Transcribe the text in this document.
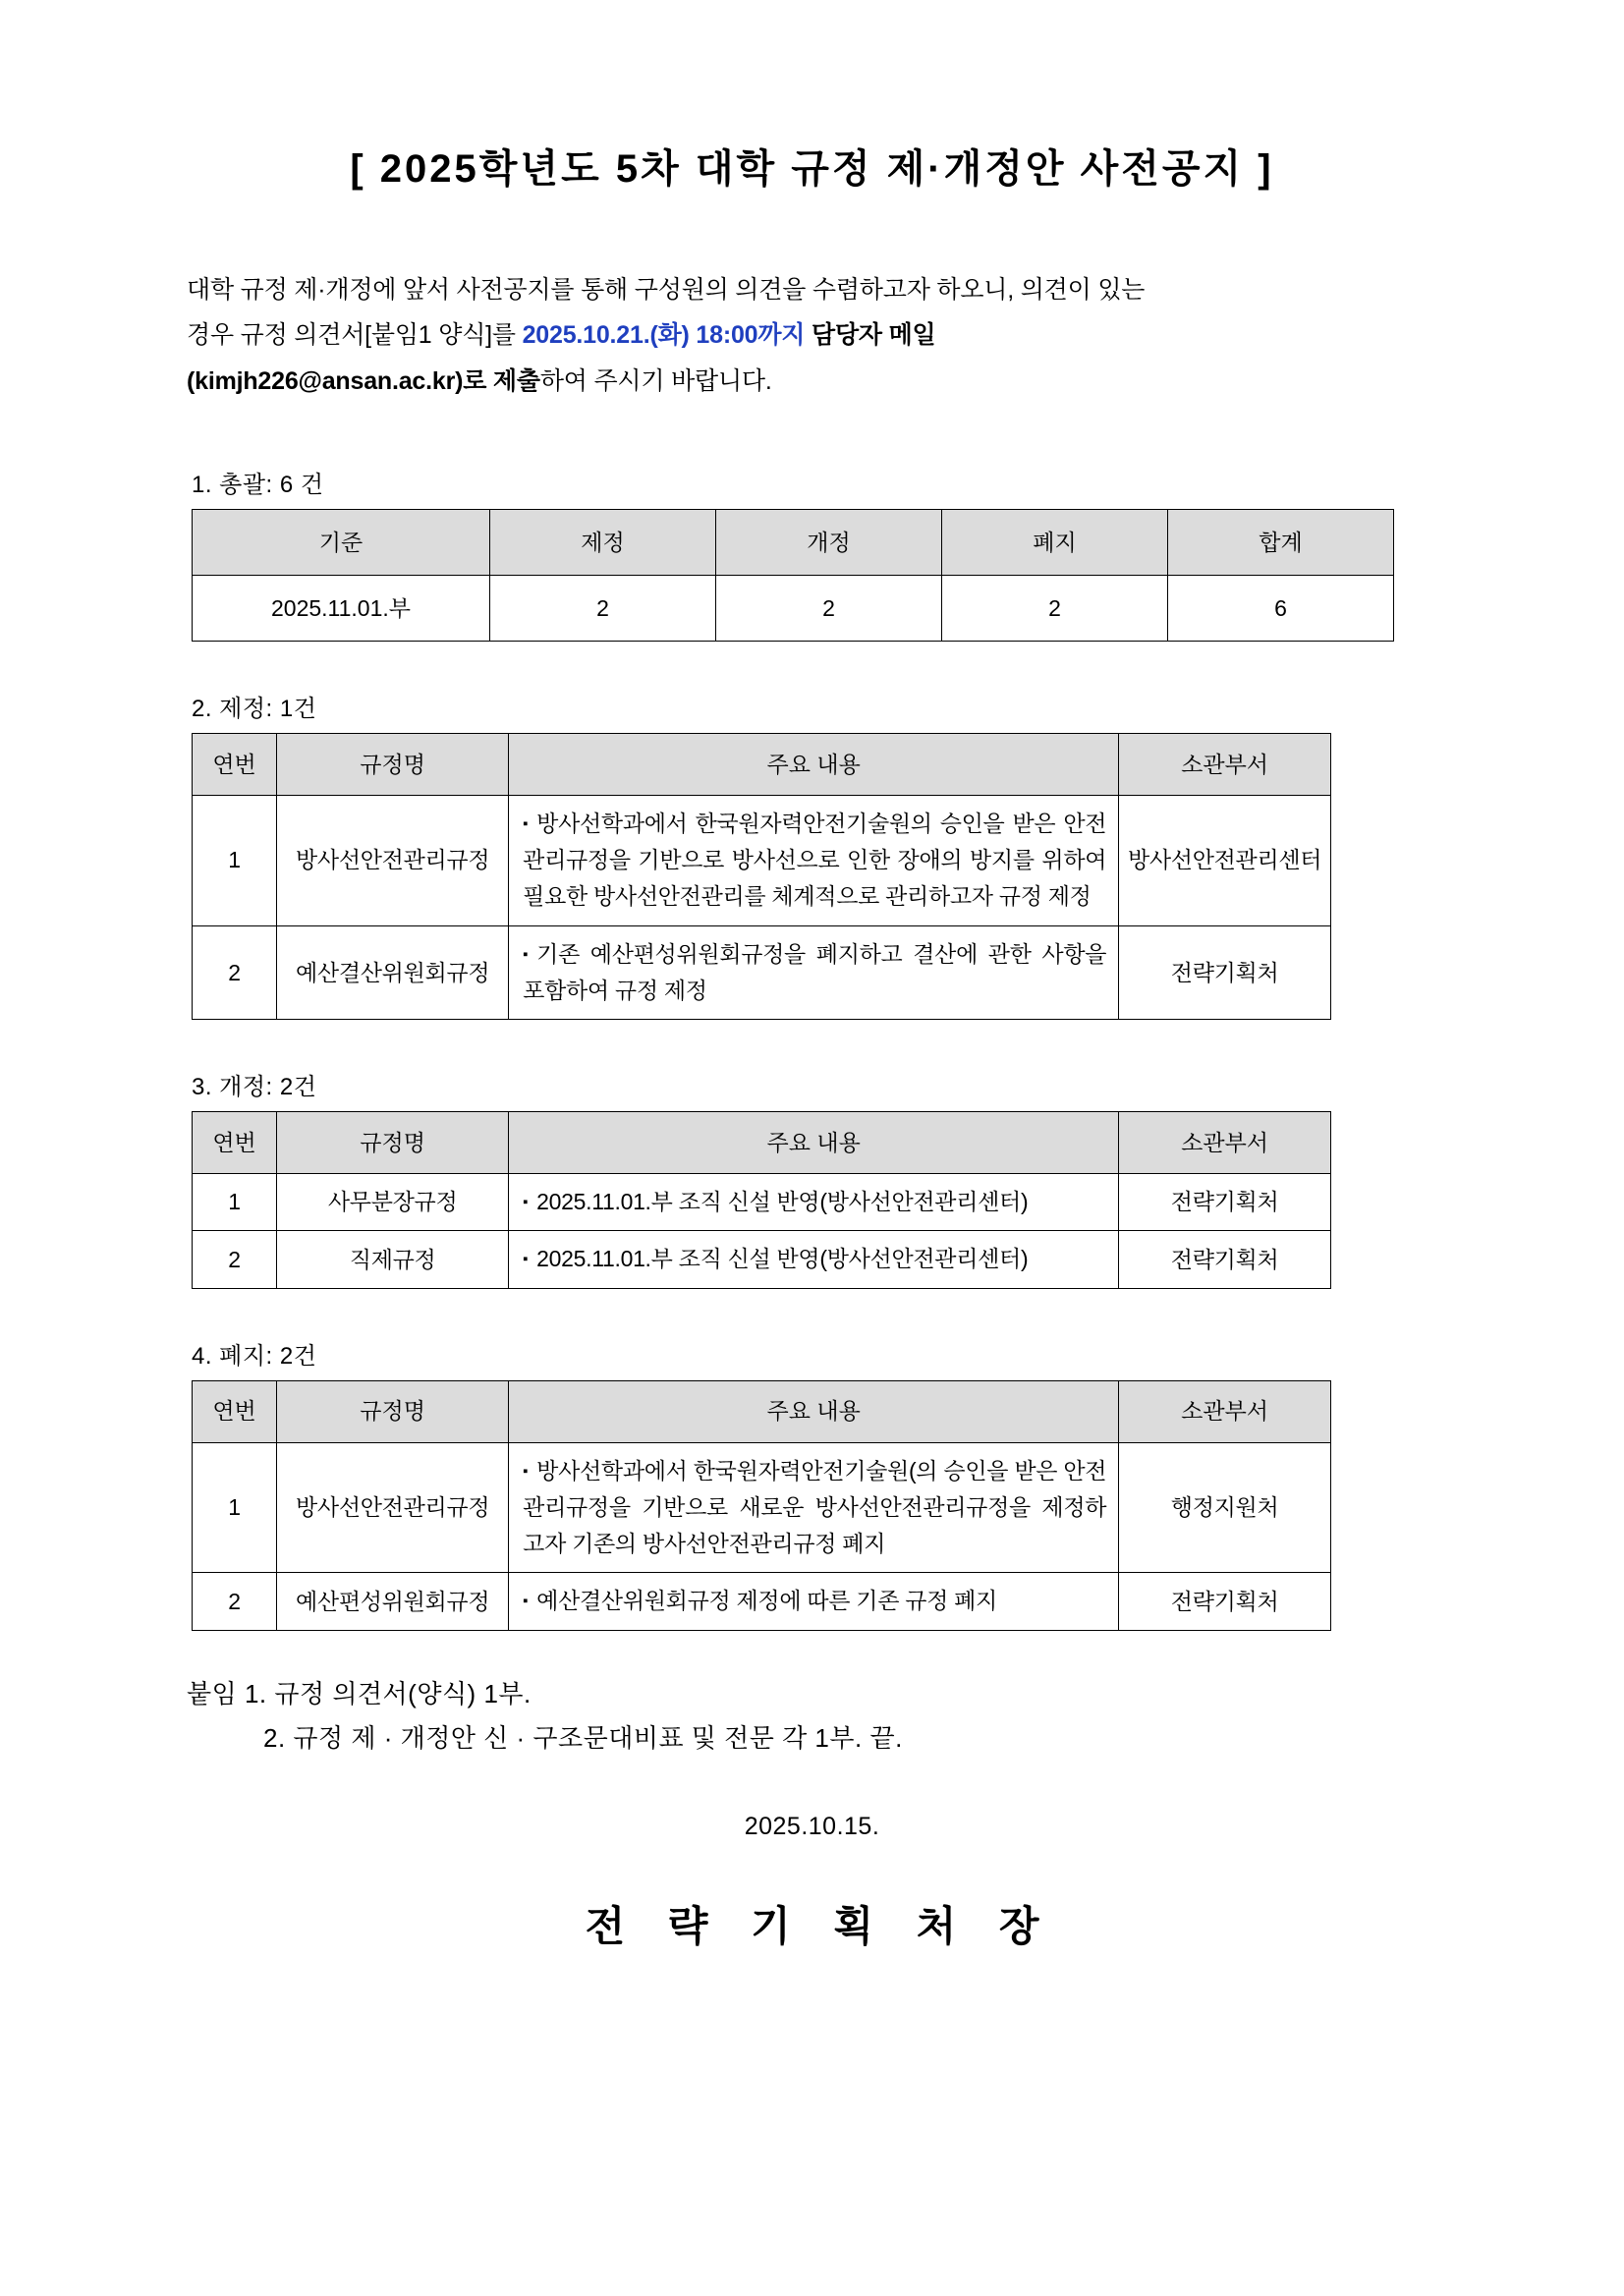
[ 2025학년도 5차 대학 규정 제·개정안 사전공지 ]
대학 규정 제·개정에 앞서 사전공지를 통해 구성원의 의견을 수렴하고자 하오니, 의견이 있는
경우 규정 의견서[붙임1 양식]를 2025.10.21.(화) 18:00까지 담당자 메일
(kimjh226@ansan.ac.kr)로 제출하여 주시기 바랍니다.
1. 총괄: 6 건
기준	제정	개정	폐지	합계
2025.11.01.부	2	2	2	6
2. 제정: 1건
연번	규정명	주요 내용	소관부서
1	방사선안전관리규정	▪ 방사선학과에서 한국원자력안전기술원의 승인을 받은 안전관리규정을 기반으로 방사선으로 인한 장애의 방지를 위하여 필요한 방사선안전관리를 체계적으로 관리하고자 규정 제정	방사선안전관리센터
2	예산결산위원회규정	▪ 기존 예산편성위원회규정을 폐지하고 결산에 관한 사항을 포함하여 규정 제정	전략기획처
3. 개정: 2건
연번	규정명	주요 내용	소관부서
1	사무분장규정	▪ 2025.11.01.부 조직 신설 반영(방사선안전관리센터)	전략기획처
2	직제규정	▪ 2025.11.01.부 조직 신설 반영(방사선안전관리센터)	전략기획처
4. 폐지: 2건
연번	규정명	주요 내용	소관부서
1	방사선안전관리규정	▪ 방사선학과에서 한국원자력안전기술원(의 승인을 받은 안전관리규정을 기반으로 새로운 방사선안전관리규정을 제정하고자 기존의 방사선안전관리규정 폐지	행정지원처
2	예산편성위원회규정	▪ 예산결산위원회규정 제정에 따른 기존 규정 폐지	전략기획처
붙임 1. 규정 의견서(양식) 1부.
2. 규정 제 · 개정안 신 · 구조문대비표 및 전문 각 1부. 끝.
2025.10.15.
전 략 기 획 처 장
